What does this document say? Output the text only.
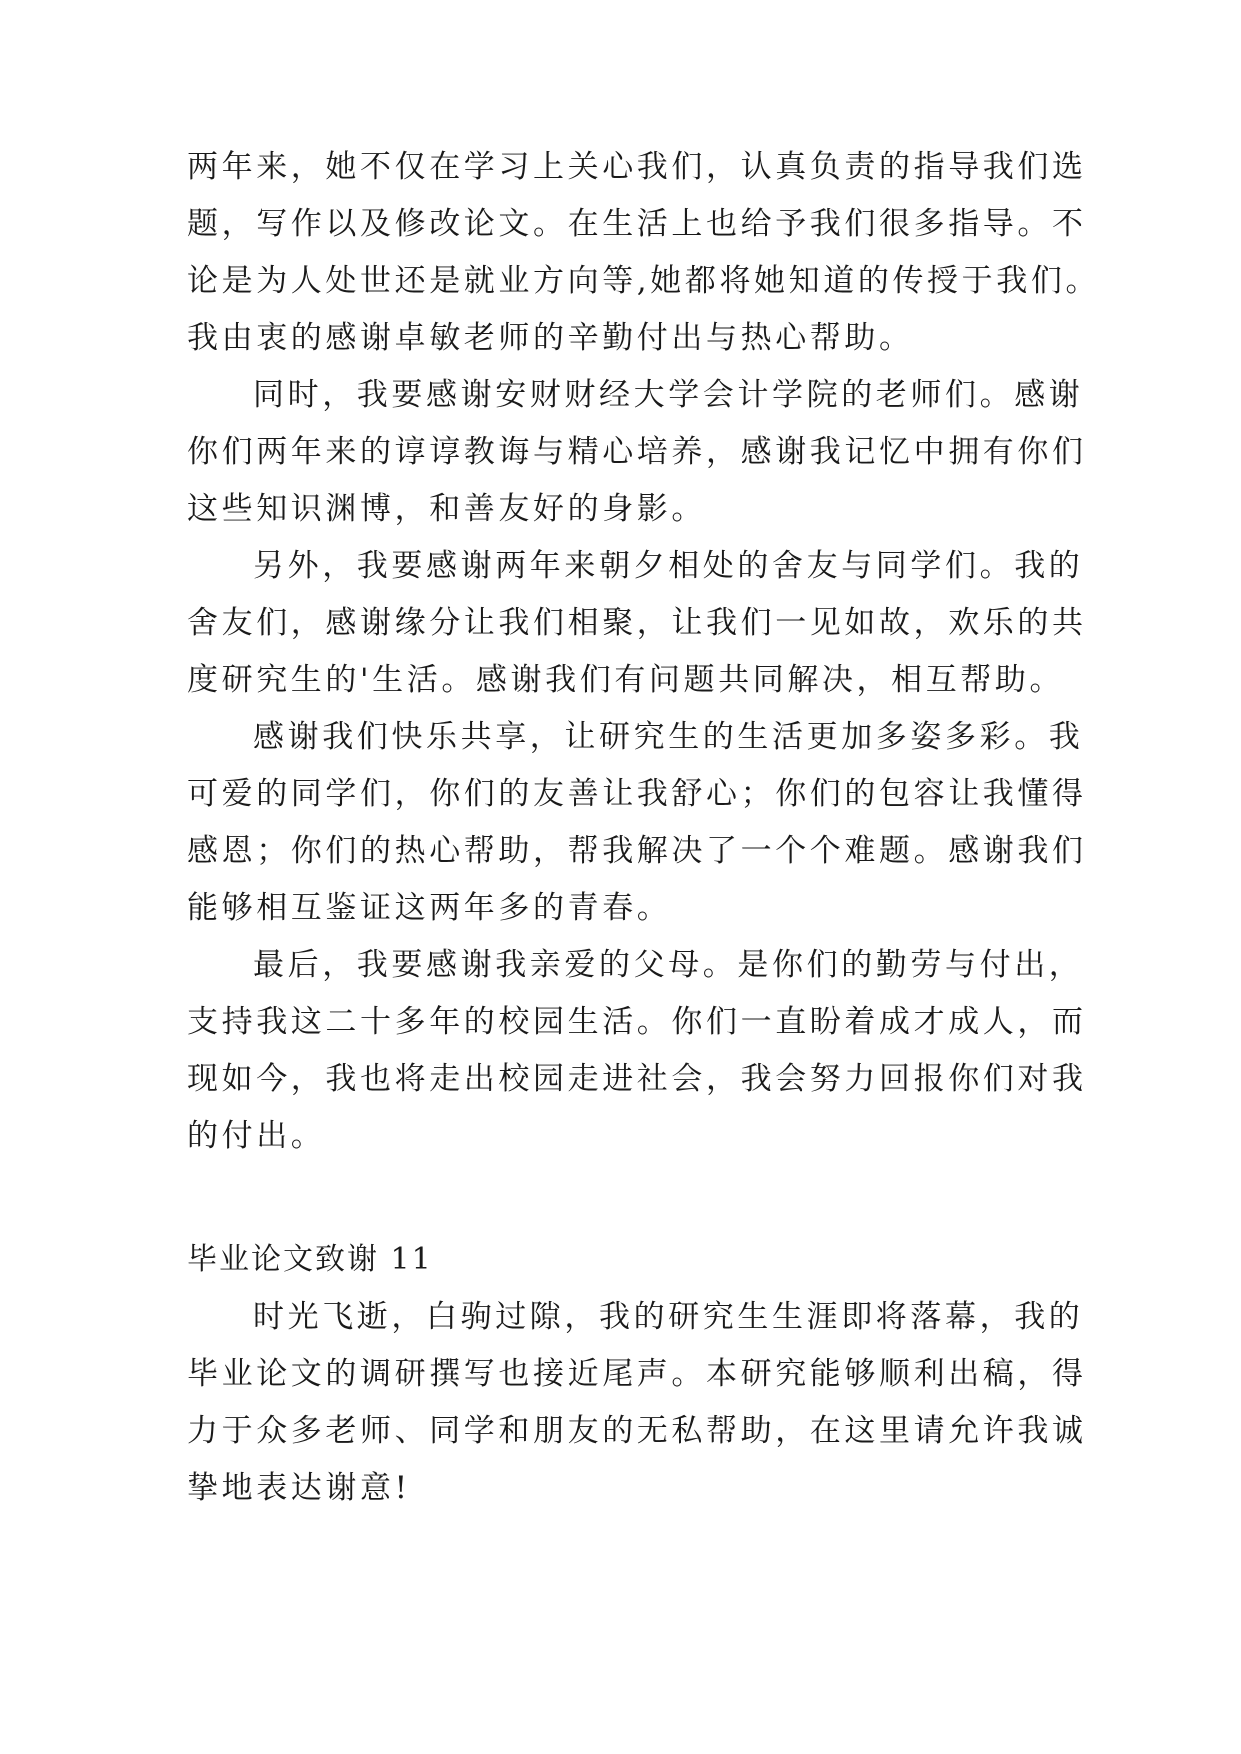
两年来，她不仅在学习上关心我们，认真负责的指导我们选
题，写作以及修改论文。在生活上也给予我们很多指导。不
论是为人处世还是就业方向等,她都将她知道的传授于我们。
我由衷的感谢卓敏老师的辛勤付出与热心帮助。
同时，我要感谢安财财经大学会计学院的老师们。感谢
你们两年来的谆谆教诲与精心培养，感谢我记忆中拥有你们
这些知识渊博，和善友好的身影。
另外，我要感谢两年来朝夕相处的舍友与同学们。我的
舍友们，感谢缘分让我们相聚，让我们一见如故，欢乐的共
度研究生的'生活。感谢我们有问题共同解决，相互帮助。
感谢我们快乐共享，让研究生的生活更加多姿多彩。我
可爱的同学们，你们的友善让我舒心；你们的包容让我懂得
感恩；你们的热心帮助，帮我解决了一个个难题。感谢我们
能够相互鉴证这两年多的青春。
最后，我要感谢我亲爱的父母。是你们的勤劳与付出，
支持我这二十多年的校园生活。你们一直盼着成才成人，而
现如今，我也将走出校园走进社会，我会努力回报你们对我
的付出。
毕业论文致谢 11
时光飞逝，白驹过隙，我的研究生生涯即将落幕，我的
毕业论文的调研撰写也接近尾声。本研究能够顺利出稿，得
力于众多老师、同学和朋友的无私帮助，在这里请允许我诚
挚地表达谢意!
